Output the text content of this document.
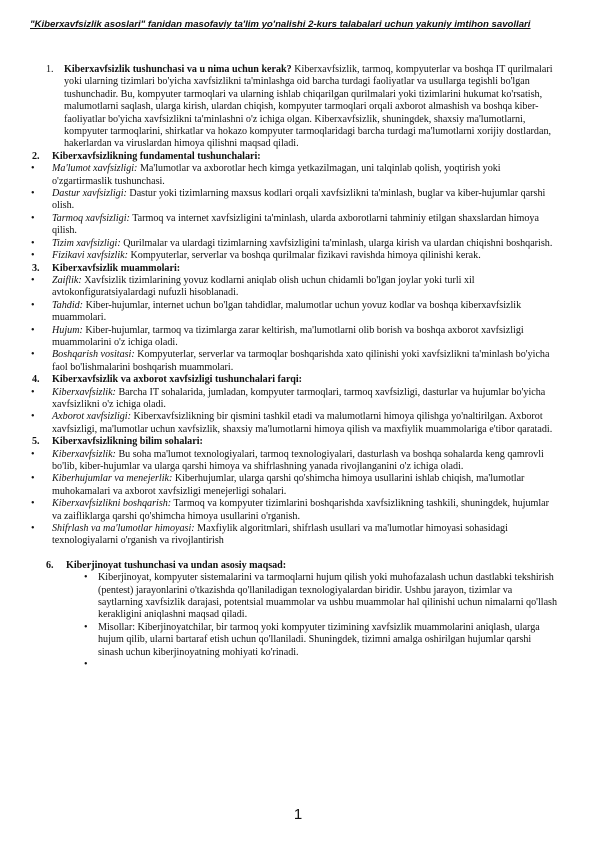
"Kiberxavfsizlik asoslari" fanidan masofaviy ta'lim yo'nalishi 2-kurs talabalari uchun yakuniy imtihon savollari
1. Kiberxavfsizlik tushunchasi va u nima uchun kerak? Kiberxavfsizlik, tarmoq, kompyuterlar va boshqa IT qurilmalari yoki ularning tizimlari bo'yicha xavfsizlikni ta'minlashga oid barcha turdagi faoliyatlar va usullarga tegishli bo'lgan tushunchadir. Bu, kompyuter tarmoqlari va ularning ishlab chiqarilgan qurilmalari yoki tizimlarini hukumat ko'rsatish, malumotlarni saqlash, ularga kirish, ulardan chiqish, kompyuter tarmoqlari orqali axborot almashish va boshqa kiber-faoliyatlar bo'yicha xavfsizlikni ta'minlashni o'z ichiga olgan. Kiberxavfsizlik, shuningdek, shaxsiy ma'lumotlarni, kompyuter tarmoqlarini, shirkatlar va hokazo kompyuter tarmoqlaridagi barcha turdagi ma'lumotlarni xorijiy dostlardan, hakerlardan va viruslardan himoya qilishni maqsad qiladi.
2. Kiberxavfsizlikning fundamental tushunchalari:
• Ma'lumot xavfsizligi: Ma'lumotlar va axborotlar hech kimga yetkazilmagan, uni talqinlab qolish, yoqtirish yoki o'zgartirmaslik tushunchasi.
• Dastur xavfsizligi: Dastur yoki tizimlarning maxsus kodlari orqali xavfsizlikni ta'minlash, buglar va kiber-hujumlar qarshi olish.
• Tarmoq xavfsizligi: Tarmoq va internet xavfsizligini ta'minlash, ularda axborotlarni tahminiy etilgan shaxslardan himoya qilish.
• Tizim xavfsizligi: Qurilmalar va ulardagi tizimlarning xavfsizligini ta'minlash, ularga kirish va ulardan chiqishni boshqarish.
• Fizikavi xavfsizlik: Kompyuterlar, serverlar va boshqa qurilmalar fizikavi ravishda himoya qilinishi kerak.
3. Kiberxavfsizlik muammolari:
• Zaiflik: Xavfsizlik tizimlarining yovuz kodlarni aniqlab olish uchun chidamli bo'lgan joylar yoki turli xil avtokonfiguratsiyalardagi nufuzli hisoblanadi.
• Tahdid: Kiber-hujumlar, internet uchun bo'lgan tahdidlar, malumotlar uchun yovuz kodlar va boshqa kiberxavfsizlik muammolari.
• Hujum: Kiber-hujumlar, tarmoq va tizimlarga zarar keltirish, ma'lumotlarni olib borish va boshqa axborot xavfsizligi muammolarini o'z ichiga oladi.
• Boshqarish vositasi: Kompyuterlar, serverlar va tarmoqlar boshqarishda xato qilinishi yoki xavfsizlikni ta'minlash bo'yicha faol bo'lishmalarini boshqarish muammolari.
4. Kiberxavfsizlik va axborot xavfsizligi tushunchalari farqi:
• Kiberxavfsizlik: Barcha IT sohalarida, jumladan, kompyuter tarmoqlari, tarmoq xavfsizligi, dasturlar va hujumlar bo'yicha xavfsizlikni o'z ichiga oladi.
• Axborot xavfsizligi: Kiberxavfsizlikning bir qismini tashkil etadi va malumotlarni himoya qilishga yo'naltirilgan. Axborot xavfsizligi, ma'lumotlar uchun xavfsizlik, shaxsiy ma'lumotlarni himoya qilish va maxfiylik muammolariga e'tibor qaratadi.
5. Kiberxavfsizlikning bilim sohalari:
• Kiberxavfsizlik: Bu soha ma'lumot texnologiyalari, tarmoq texnologiyalari, dasturlash va boshqa sohalarda keng qamrovli bo'lib, kiber-hujumlar va ularga qarshi himoya va shifrlashning yanada rivojlanganini o'z ichiga oladi.
• Kiberhujumlar va menejerlik: Kiberhujumlar, ularga qarshi qo'shimcha himoya usullarini ishlab chiqish, ma'lumotlar muhokamalari va axborot xavfsizligi menejerligi sohalari.
• Kiberxavfsizlikni boshqarish: Tarmoq va kompyuter tizimlarini boshqarishda xavfsizlikning tashkili, shuningdek, hujumlar va zaifliklarga qarshi qo'shimcha himoya usullarini o'rganish.
• Shifrlash va ma'lumotlar himoyasi: Maxfiylik algoritmlari, shifrlash usullari va ma'lumotlar himoyasi sohasidagi texnologiyalarni o'rganish va rivojlantirish
6. Kiberjinoyat tushunchasi va undan asosiy maqsad:
• Kiberjinoyat, kompyuter sistemalarini va tarmoqlarni hujum qilish yoki muhofazalash uchun dastlabki tekshirish (pentest) jarayonlarini o'tkazishda qo'llaniladigan texnologiyalardan biridir. Ushbu jarayon, tizimlar va saytlarning xavfsizlik darajasi, potentsial muammolar va ushbu muammolar hal qilinishi uchun nimalarni qo'llash kerakligini aniqlashni maqsad qiladi.
• Misollar: Kiberjinoyatchilar, bir tarmoq yoki kompyuter tizimining xavfsizlik muammolarini aniqlash, ularga hujum qilib, ularni bartaraf etish uchun qo'llaniladi. Shuningdek, tizimni amalga oshirilgan hujumlar qarshi sinash uchun kiberjinoyatning mohiyati ko'rinadi.
•

1
